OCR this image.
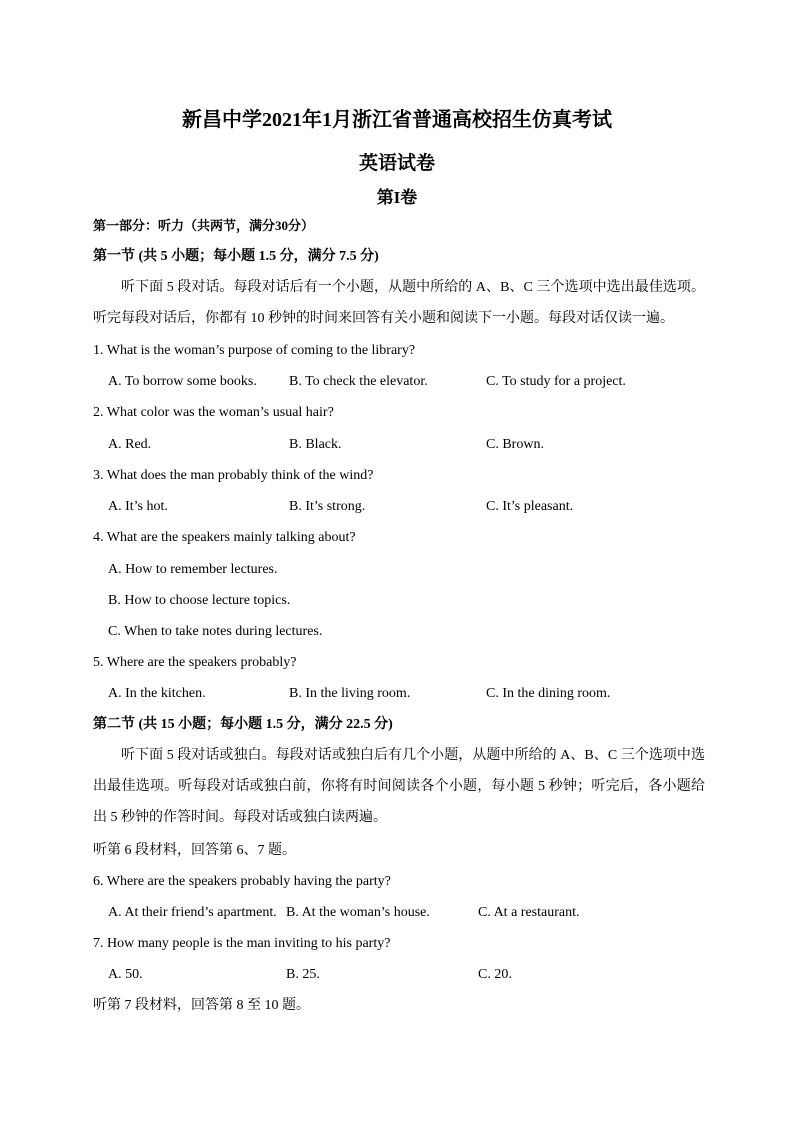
新昌中学2021年1月浙江省普通高校招生仿真考试
英语试卷
第I卷
第一部分：听力（共两节，满分30分）
第一节 (共 5 小题；每小题 1.5 分，满分 7.5 分)
听下面 5 段对话。每段对话后有一个小题，从题中所给的 A、B、C 三个选项中选出最佳选项。听完每段对话后，你都有 10 秒钟的时间来回答有关小题和阅读下一小题。每段对话仅读一遍。
1. What is the woman’s purpose of coming to the library?
A. To borrow some books. B. To check the elevator.	C. To study for a project.
2. What color was the woman’s usual hair?
A. Red.	B. Black.	C. Brown.
3. What does the man probably think of the wind?
A. It’s hot.	B. It’s strong.	C. It’s pleasant.
4. What are the speakers mainly talking about?
A. How to remember lectures.
B. How to choose lecture topics.
C. When to take notes during lectures.
5. Where are the speakers probably?
A. In the kitchen.	B. In the living room.	C. In the dining room.
第二节 (共 15 小题；每小题 1.5 分，满分 22.5 分)
听下面 5 段对话或独白。每段对话或独白后有几个小题，从题中所给的 A、B、C 三个选项中选出最佳选项。听每段对话或独白前，你将有时间阅读各个小题，每小题 5 秒钟；听完后，各小题给出 5 秒钟的作答时间。每段对话或独白读两遍。
听第 6 段材料，回答第 6、7 题。
6. Where are the speakers probably having the party?
A. At their friend’s apartment. B. At the woman’s house.	C. At a restaurant.
7. How many people is the man inviting to his party?
A. 50.	B. 25.	C. 20.
听第 7 段材料，回答第 8 至 10 题。
